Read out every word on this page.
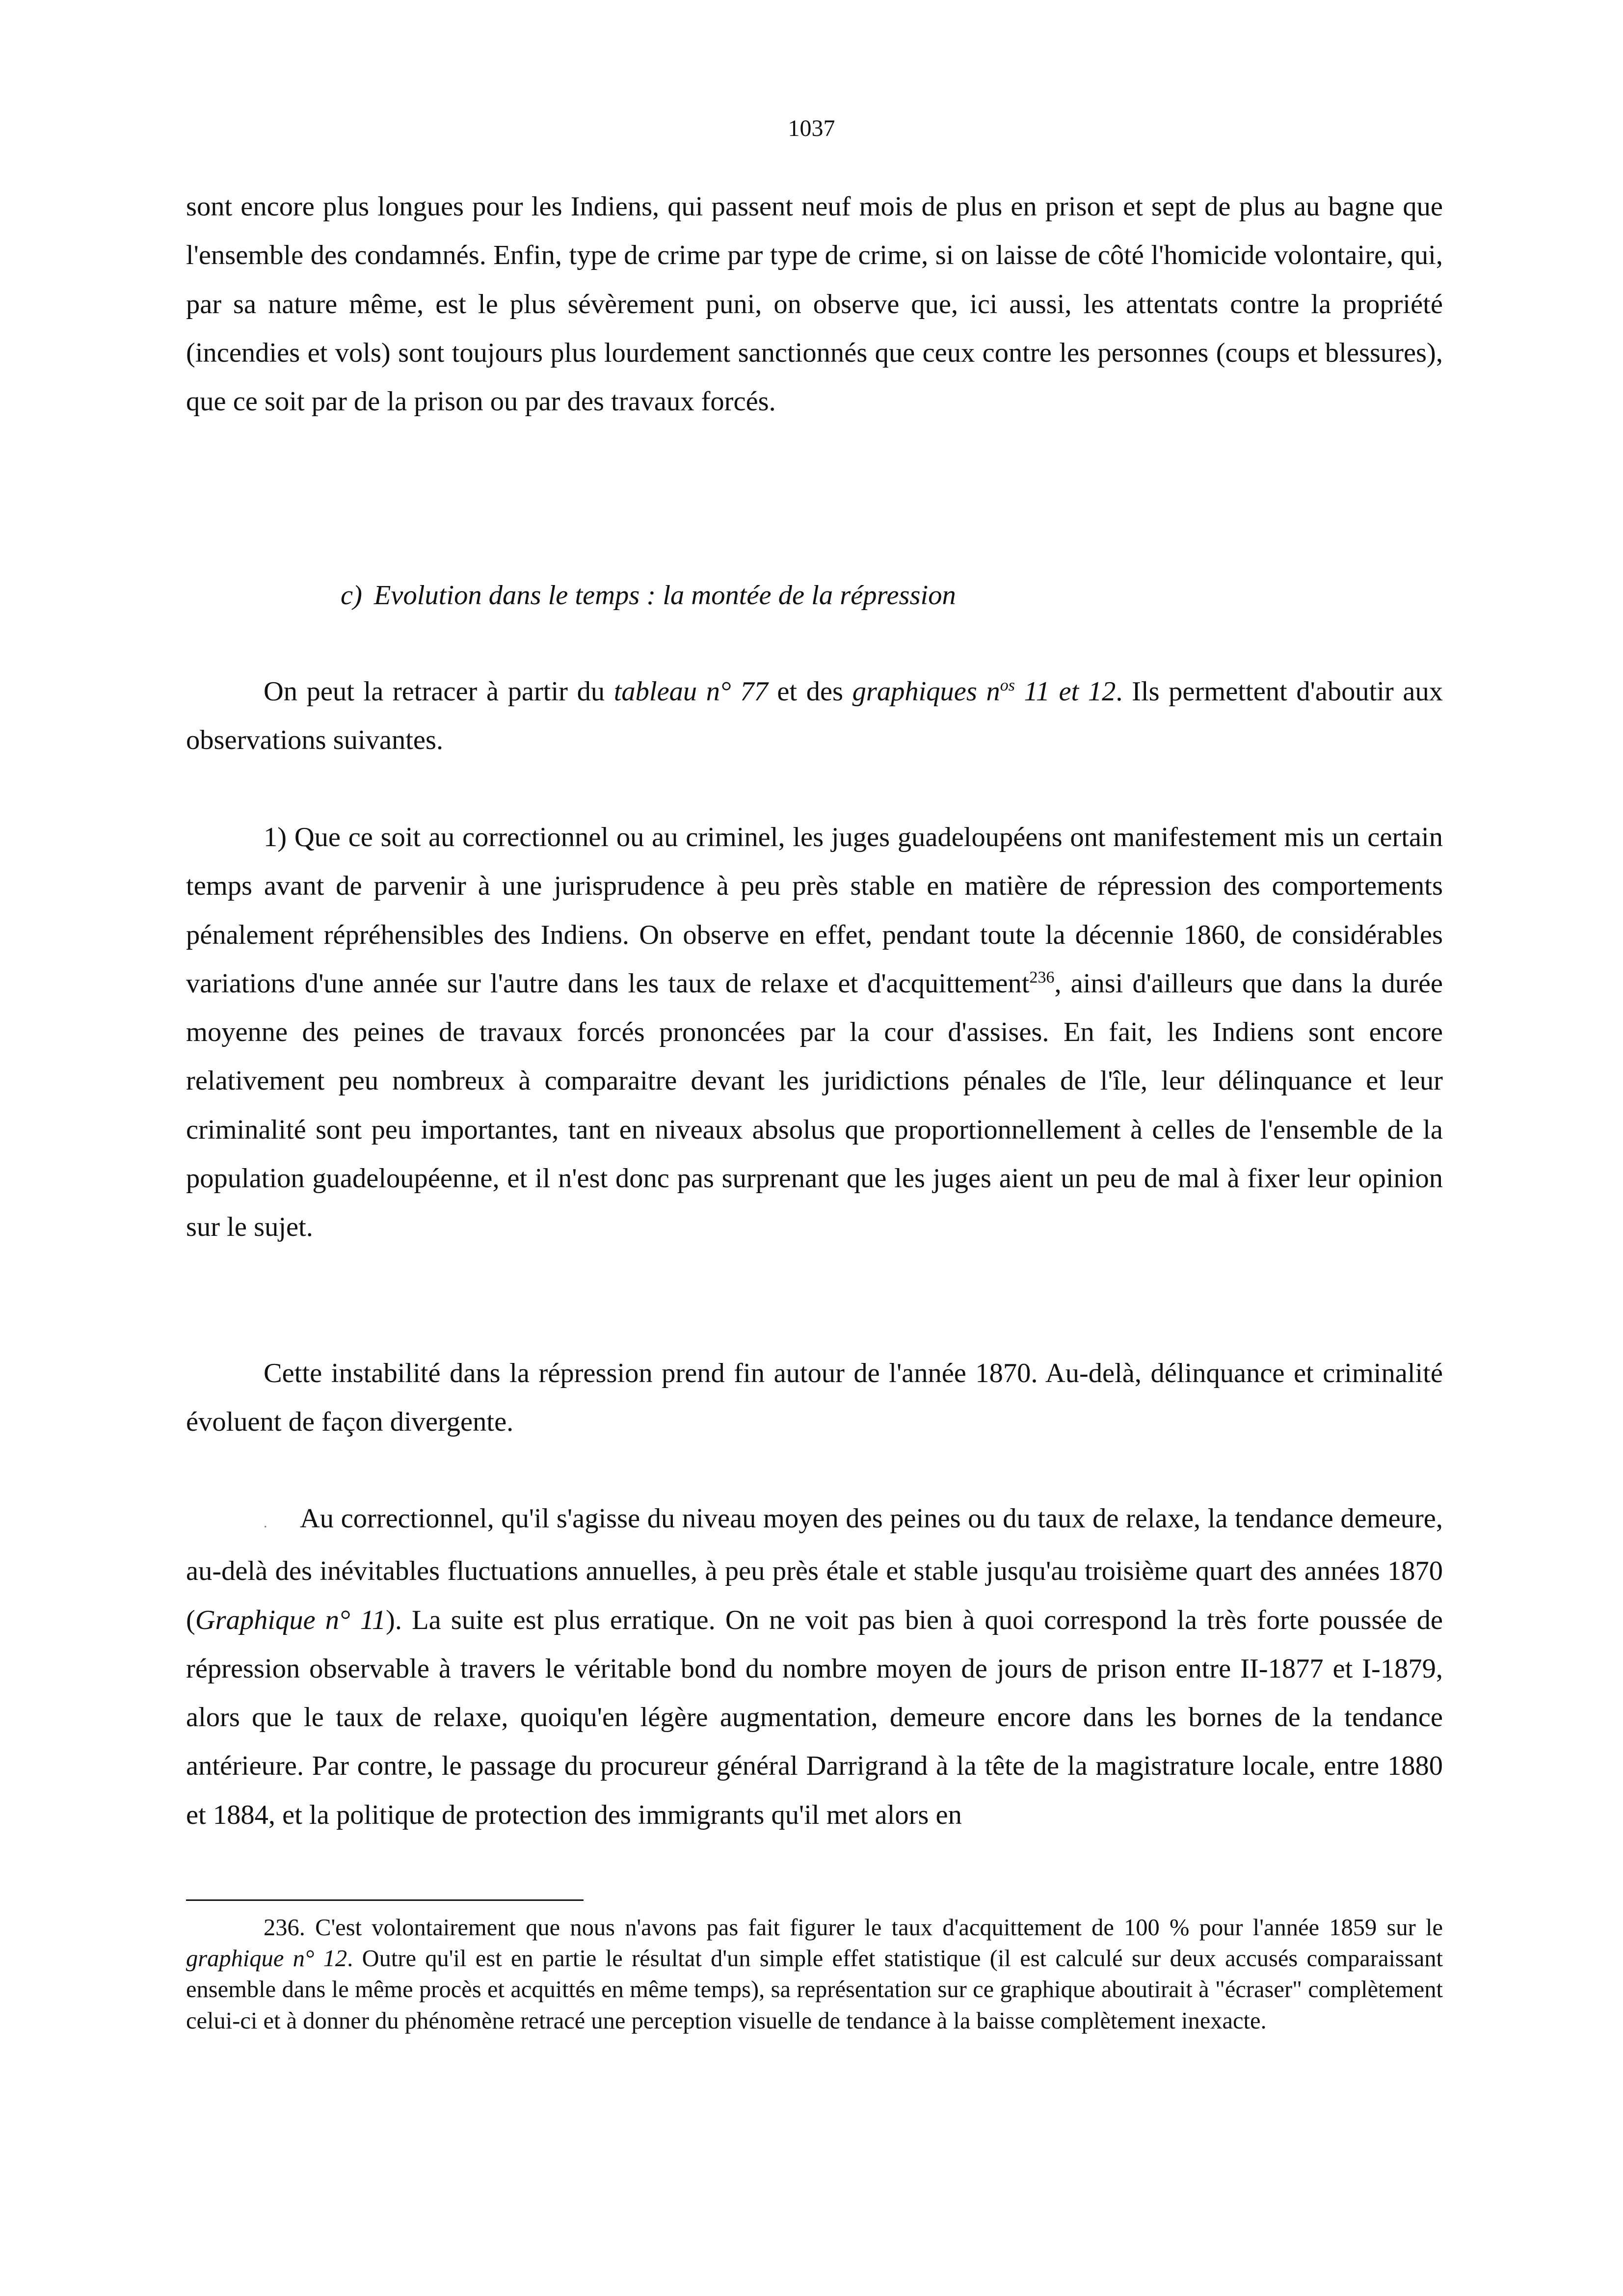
1037

sont encore plus longues pour les Indiens, qui passent neuf mois de plus en prison et sept de plus au bagne que l'ensemble des condamnés. Enfin, type de crime par type de crime, si on laisse de côté l'homicide volontaire, qui, par sa nature même, est le plus sévèrement puni, on observe que, ici aussi, les attentats contre la propriété (incendies et vols) sont toujours plus lourdement sanctionnés que ceux contre les personnes (coups et blessures), que ce soit par de la prison ou par des travaux forcés.

c) Evolution dans le temps : la montée de la répression

On peut la retracer à partir du tableau n° 77 et des graphiques $n^{os}$ 11 et 12. Ils permettent d'aboutir aux observations suivantes.

1) Que ce soit au correctionnel ou au criminel, les juges guadeloupéens ont manifestement mis un certain temps avant de parvenir à une jurisprudence à peu près stable en matière de répression des comportements pénalement répréhensibles des Indiens. On observe en effet, pendant toute la décennie 1860, de considérables variations d'une année sur l'autre dans les taux de relaxe et d'acquittement$^{236}$, ainsi d'ailleurs que dans la durée moyenne des peines de travaux forcés prononcées par la cour d'assises. En fait, les Indiens sont encore relativement peu nombreux à comparaitre devant les juridictions pénales de l'île, leur délinquance et leur criminalité sont peu importantes, tant en niveaux absolus que proportionnellement à celles de l'ensemble de la population guadeloupéenne, et il n'est donc pas surprenant que les juges aient un peu de mal à fixer leur opinion sur le sujet.

Cette instabilité dans la répression prend fin autour de l'année 1870. Au-delà, délinquance et criminalité évoluent de façon divergente.

. Au correctionnel, qu'il s'agisse du niveau moyen des peines ou du taux de relaxe, la tendance demeure, au-delà des inévitables fluctuations annuelles, à peu près étale et stable jusqu'au troisième quart des années 1870 (Graphique n° 11). La suite est plus erratique. On ne voit pas bien à quoi correspond la très forte poussée de répression observable à travers le véritable bond du nombre moyen de jours de prison entre II-1877 et I-1879, alors que le taux de relaxe, quoiqu'en légère augmentation, demeure encore dans les bornes de la tendance antérieure. Par contre, le passage du procureur général Darrigrand à la tête de la magistrature locale, entre 1880 et 1884, et la politique de protection des immigrants qu'il met alors en

236. C'est volontairement que nous n'avons pas fait figurer le taux d'acquittement de 100 % pour l'année 1859 sur le graphique n° 12. Outre qu'il est en partie le résultat d'un simple effet statistique (il est calculé sur deux accusés comparaissant ensemble dans le même procès et acquittés en même temps), sa représentation sur ce graphique aboutirait à "écraser" complètement celui-ci et à donner du phénomène retracé une perception visuelle de tendance à la baisse complètement inexacte.
